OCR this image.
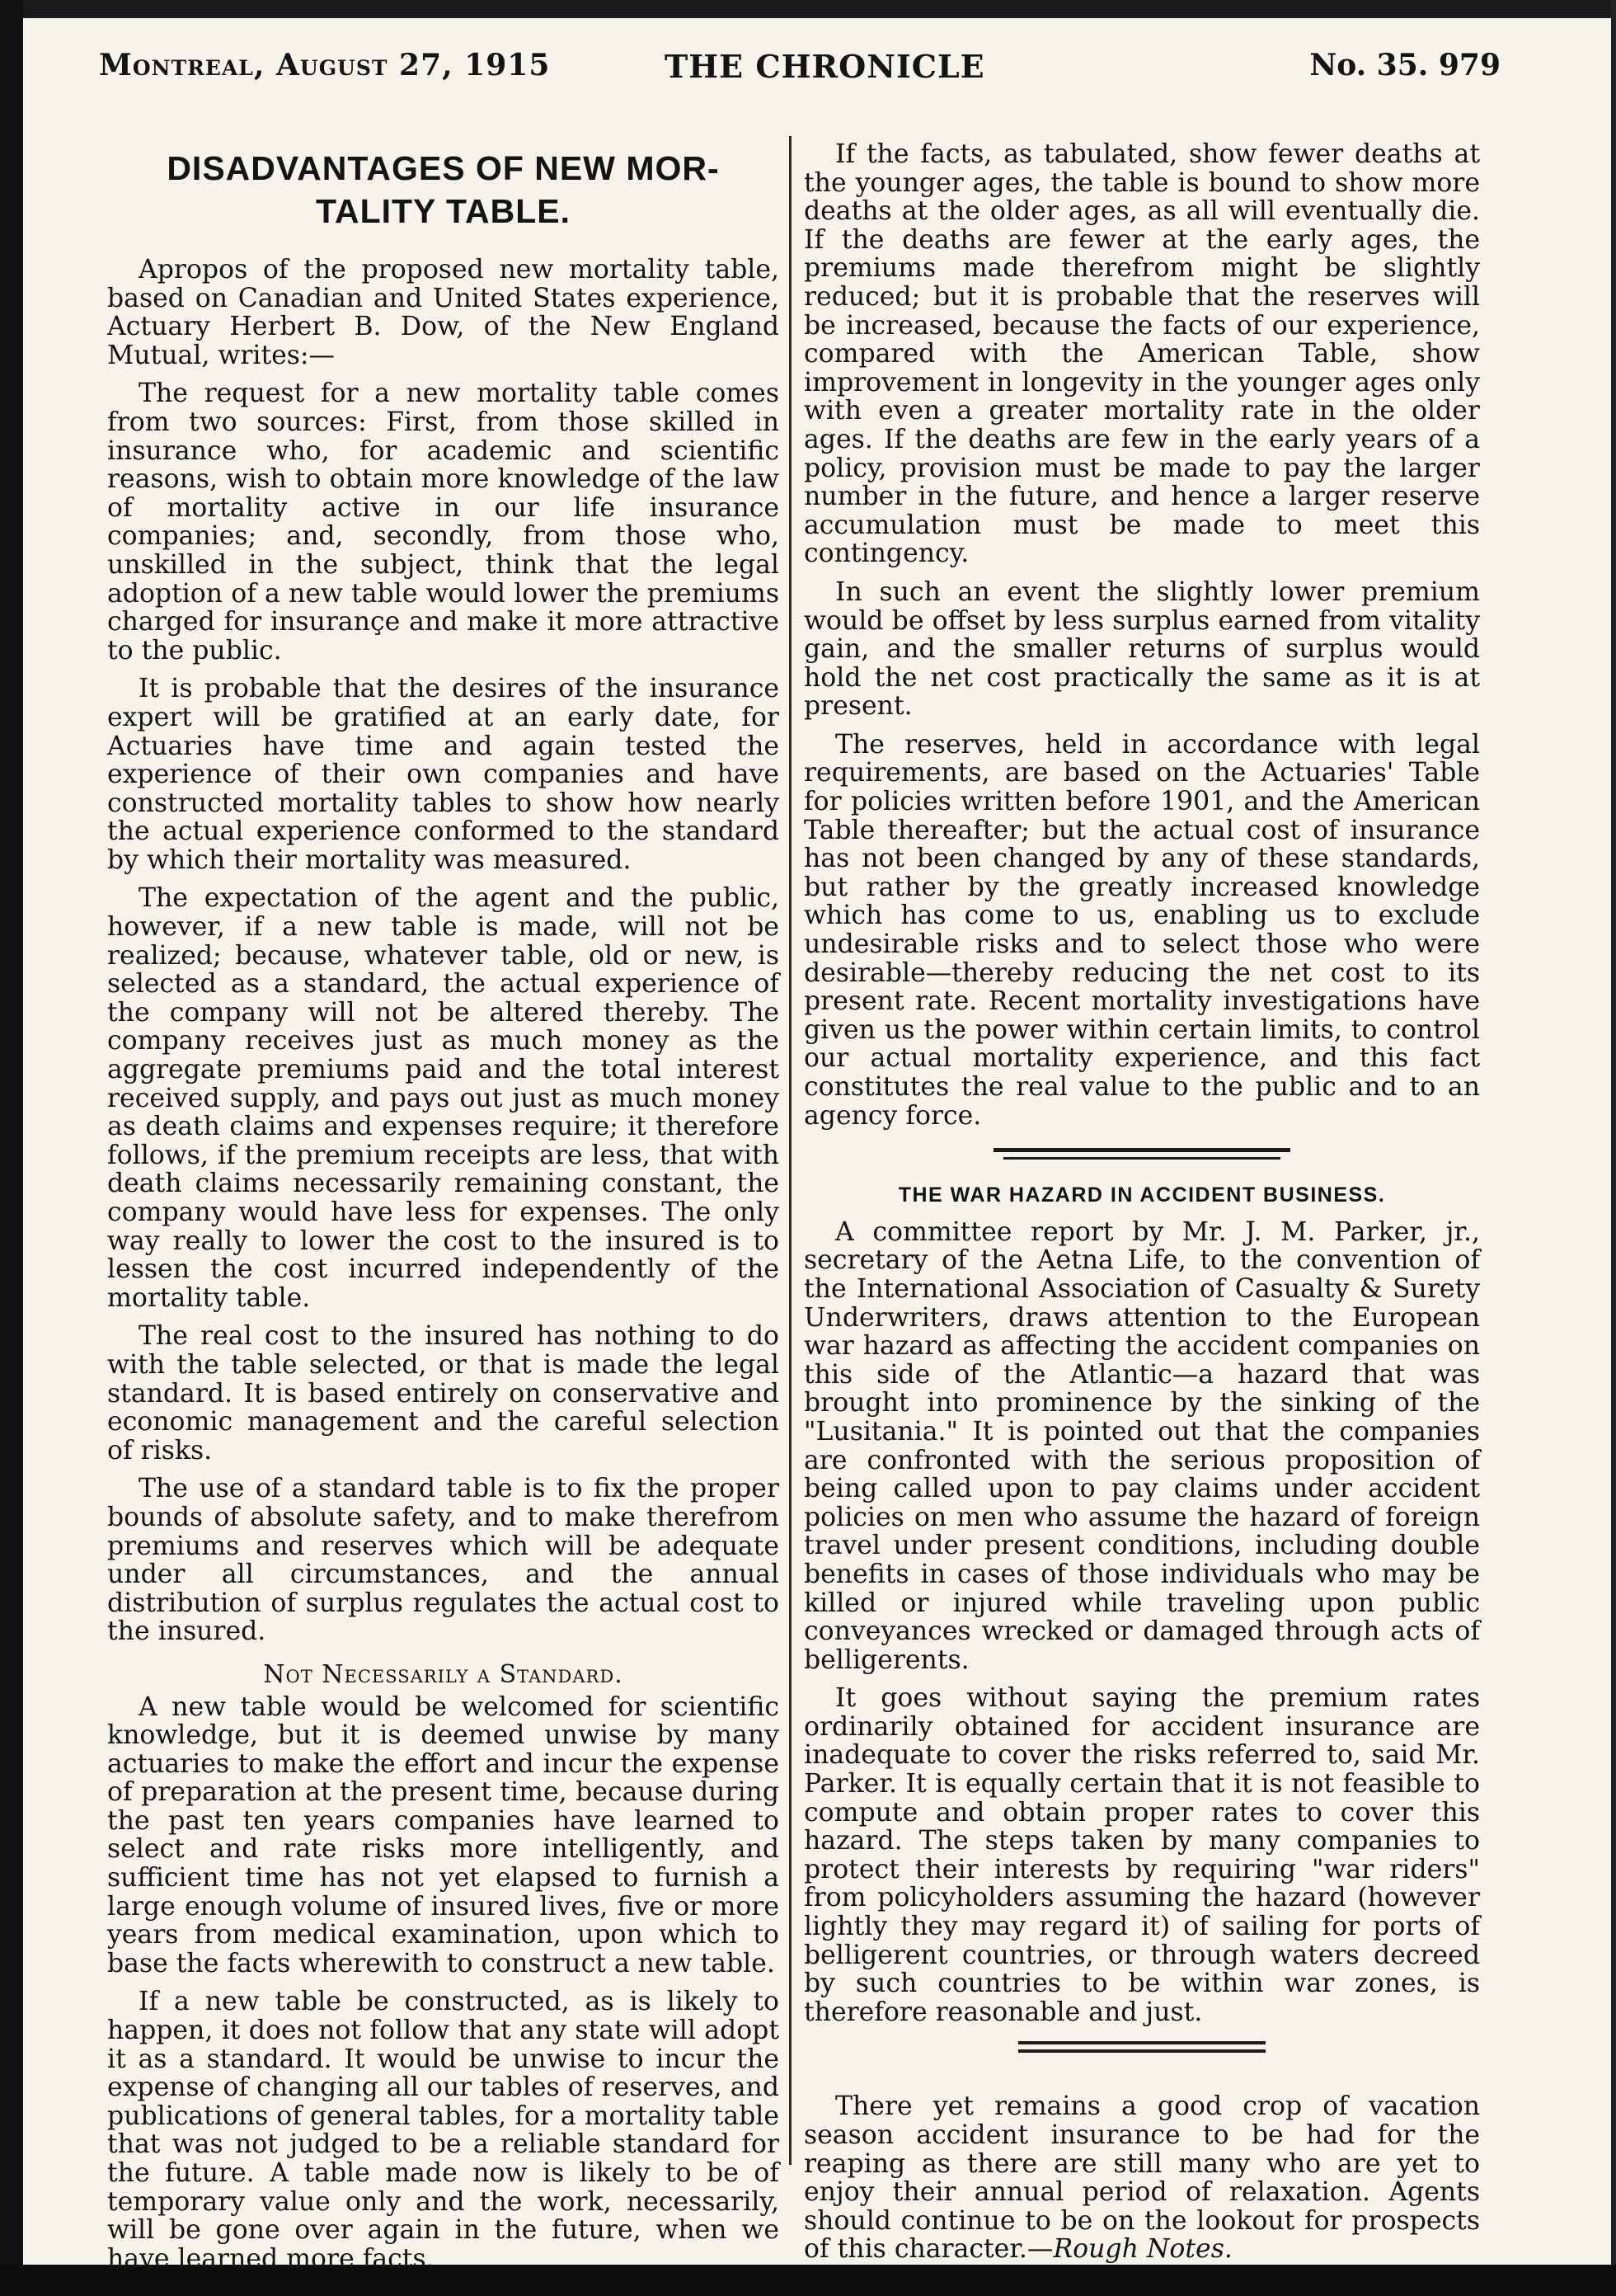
Montreal, August 27, 1915	THE CHRONICLE	No. 35. 979
DISADVANTAGES OF NEW MOR-
TALITY TABLE.

Apropos of the proposed new mortality table, based on Canadian and United States experience, Actuary Herbert B. Dow, of the New England Mutual, writes:—

The request for a new mortality table comes from two sources: First, from those skilled in insurance who, for academic and scientific reasons, wish to obtain more knowledge of the law of mortality active in our life insurance companies; and, secondly, from those who, unskilled in the subject, think that the legal adoption of a new table would lower the premiums charged for insurançe and make it more attractive to the public.

It is probable that the desires of the insurance expert will be gratified at an early date, for Actuaries have time and again tested the experience of their own companies and have constructed mortality tables to show how nearly the actual experience conformed to the standard by which their mortality was measured.

The expectation of the agent and the public, however, if a new table is made, will not be realized; because, whatever table, old or new, is selected as a standard, the actual experience of the company will not be altered thereby. The company receives just as much money as the aggregate premiums paid and the total interest received supply, and pays out just as much money as death claims and expenses require; it therefore follows, if the premium receipts are less, that with death claims necessarily remaining constant, the company would have less for expenses. The only way really to lower the cost to the insured is to lessen the cost incurred independently of the mortality table.

The real cost to the insured has nothing to do with the table selected, or that is made the legal standard. It is based entirely on conservative and economic management and the careful selection of risks.

The use of a standard table is to fix the proper bounds of absolute safety, and to make therefrom premiums and reserves which will be adequate under all circumstances, and the annual distribution of surplus regulates the actual cost to the insured.

Not Necessarily a Standard.

A new table would be welcomed for scientific knowledge, but it is deemed unwise by many actuaries to make the effort and incur the expense of preparation at the present time, because during the past ten years companies have learned to select and rate risks more intelligently, and sufficient time has not yet elapsed to furnish a large enough volume of insured lives, five or more years from medical examination, upon which to base the facts wherewith to construct a new table.

If a new table be constructed, as is likely to happen, it does not follow that any state will adopt it as a standard. It would be unwise to incur the expense of changing all our tables of reserves, and publications of general tables, for a mortality table that was not judged to be a reliable standard for the future. A table made now is likely to be of temporary value only and the work, necessarily, will be gone over again in the future, when we have learned more facts.

If the facts, as tabulated, show fewer deaths at the younger ages, the table is bound to show more deaths at the older ages, as all will eventually die. If the deaths are fewer at the early ages, the premiums made therefrom might be slightly reduced; but it is probable that the reserves will be increased, because the facts of our experience, compared with the American Table, show improvement in longevity in the younger ages only with even a greater mortality rate in the older ages. If the deaths are few in the early years of a policy, provision must be made to pay the larger number in the future, and hence a larger reserve accumulation must be made to meet this contingency.

In such an event the slightly lower premium would be offset by less surplus earned from vitality gain, and the smaller returns of surplus would hold the net cost practically the same as it is at present.

The reserves, held in accordance with legal requirements, are based on the Actuaries' Table for policies written before 1901, and the American Table thereafter; but the actual cost of insurance has not been changed by any of these standards, but rather by the greatly increased knowledge which has come to us, enabling us to exclude undesirable risks and to select those who were desirable—thereby reducing the net cost to its present rate. Recent mortality investigations have given us the power within certain limits, to control our actual mortality experience, and this fact constitutes the real value to the public and to an agency force.

THE WAR HAZARD IN ACCIDENT BUSINESS.

A committee report by Mr. J. M. Parker, jr., secretary of the Aetna Life, to the convention of the International Association of Casualty & Surety Underwriters, draws attention to the European war hazard as affecting the accident companies on this side of the Atlantic—a hazard that was brought into prominence by the sinking of the "Lusitania." It is pointed out that the companies are confronted with the serious proposition of being called upon to pay claims under accident policies on men who assume the hazard of foreign travel under present conditions, including double benefits in cases of those individuals who may be killed or injured while traveling upon public conveyances wrecked or damaged through acts of belligerents.

It goes without saying the premium rates ordinarily obtained for accident insurance are inadequate to cover the risks referred to, said Mr. Parker. It is equally certain that it is not feasible to compute and obtain proper rates to cover this hazard. The steps taken by many companies to protect their interests by requiring "war riders" from policyholders assuming the hazard (however lightly they may regard it) of sailing for ports of belligerent countries, or through waters decreed by such countries to be within war zones, is therefore reasonable and just.

There yet remains a good crop of vacation season accident insurance to be had for the reaping as there are still many who are yet to enjoy their annual period of relaxation. Agents should continue to be on the lookout for prospects of this character.—Rough Notes.
